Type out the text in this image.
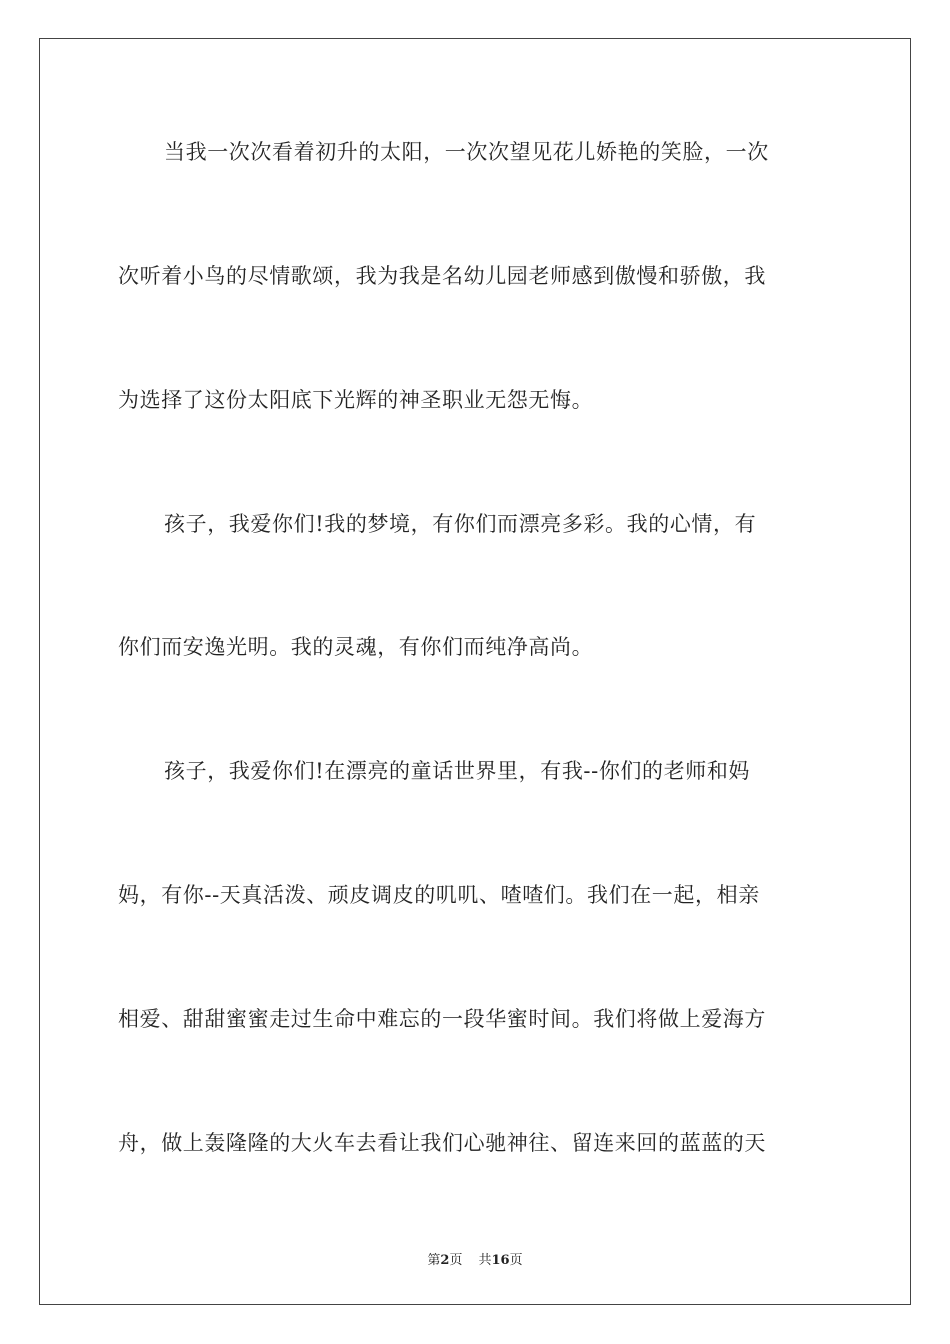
当我一次次看着初升的太阳，一次次望见花儿娇艳的笑脸，一次
次听着小鸟的尽情歌颂，我为我是名幼儿园老师感到傲慢和骄傲，我
为选择了这份太阳底下光辉的神圣职业无怨无悔。
孩子，我爱你们!我的梦境，有你们而漂亮多彩。我的心情，有
你们而安逸光明。我的灵魂，有你们而纯净高尚。
孩子，我爱你们!在漂亮的童话世界里，有我--你们的老师和妈
妈，有你--天真活泼、顽皮调皮的叽叽、喳喳们。我们在一起，相亲
相爱、甜甜蜜蜜走过生命中难忘的一段华蜜时间。我们将做上爱海方
舟，做上轰隆隆的大火车去看让我们心驰神往、留连来回的蓝蓝的天
第2页 共16页
